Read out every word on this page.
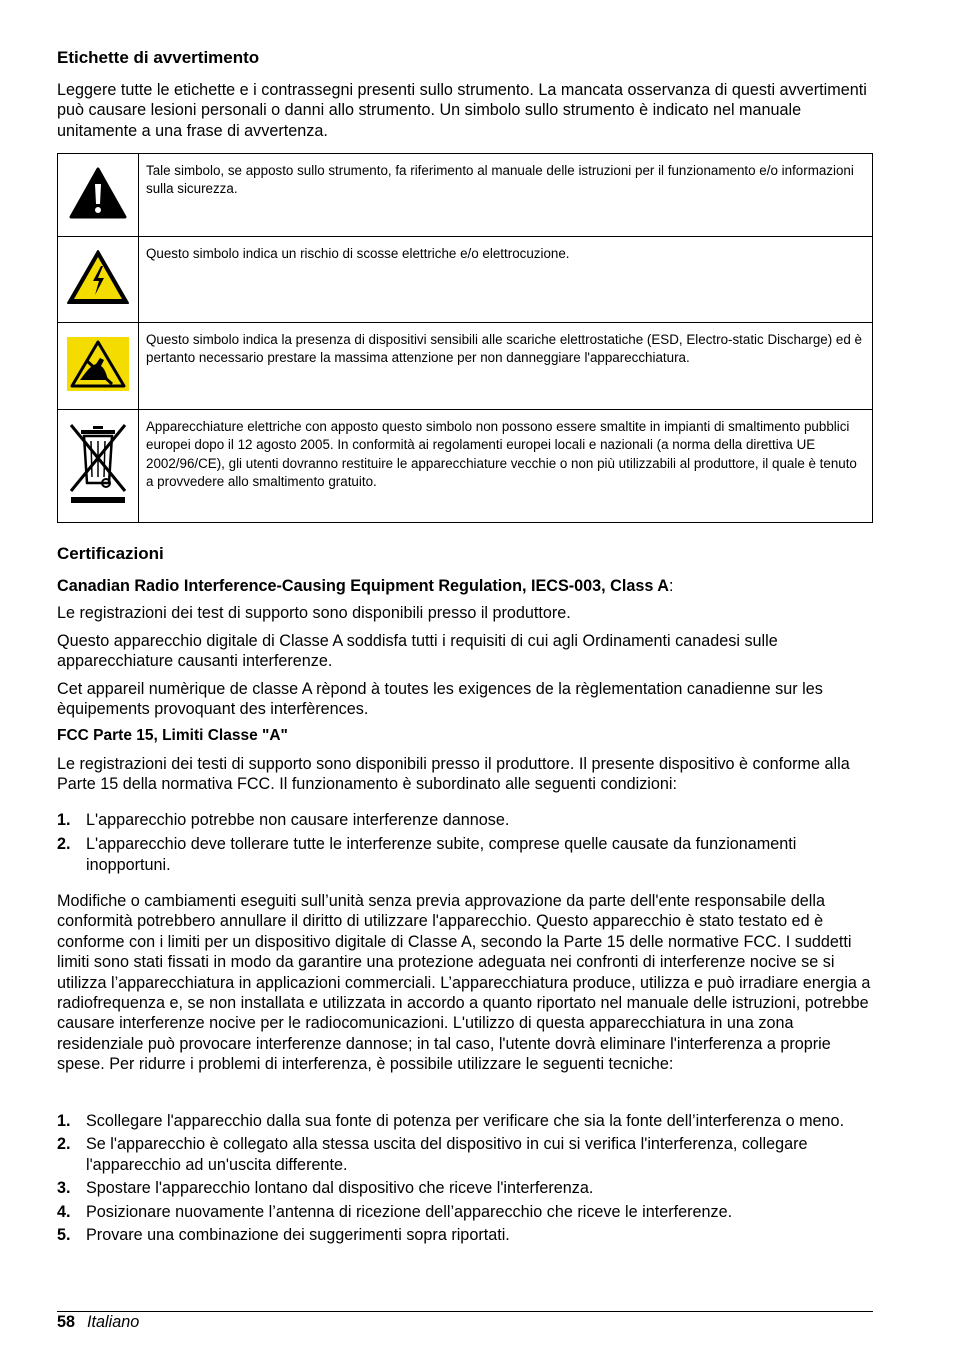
Etichette di avvertimento

Leggere tutte le etichette e i contrassegni presenti sullo strumento. La mancata osservanza di questi avvertimenti può causare lesioni personali o danni allo strumento. Un simbolo sullo strumento è indicato nel manuale unitamente a una frase di avvertenza.

	Tale simbolo, se apposto sullo strumento, fa riferimento al manuale delle istruzioni per il funzionamento e/o informazioni sulla sicurezza.
	Questo simbolo indica un rischio di scosse elettriche e/o elettrocuzione.
	Questo simbolo indica la presenza di dispositivi sensibili alle scariche elettrostatiche (ESD, Electro-static Discharge) ed è pertanto necessario prestare la massima attenzione per non danneggiare l'apparecchiatura.
	Apparecchiature elettriche con apposto questo simbolo non possono essere smaltite in impianti di smaltimento pubblici europei dopo il 12 agosto 2005. In conformità ai regolamenti europei locali e nazionali (a norma della direttiva UE 2002/96/CE), gli utenti dovranno restituire le apparecchiature vecchie o non più utilizzabili al produttore, il quale è tenuto a provvedere allo smaltimento gratuito.
Certificazioni

Canadian Radio Interference-Causing Equipment Regulation, IECS-003, Class A:

Le registrazioni dei test di supporto sono disponibili presso il produttore.

Questo apparecchio digitale di Classe A soddisfa tutti i requisiti di cui agli Ordinamenti canadesi sulle apparecchiature causanti interferenze.

Cet appareil numèrique de classe A rèpond à toutes les exigences de la règlementation canadienne sur les èquipements provoquant des interfèrences.

FCC Parte 15, Limiti Classe "A"

Le registrazioni dei testi di supporto sono disponibili presso il produttore. Il presente dispositivo è conforme alla Parte 15 della normativa FCC. Il funzionamento è subordinato alle seguenti condizioni:

1. L'apparecchio potrebbe non causare interferenze dannose.
2. L'apparecchio deve tollerare tutte le interferenze subite, comprese quelle causate da funzionamenti inopportuni.

Modifiche o cambiamenti eseguiti sull’unità senza previa approvazione da parte dell'ente responsabile della conformità potrebbero annullare il diritto di utilizzare l'apparecchio. Questo apparecchio è stato testato ed è conforme con i limiti per un dispositivo digitale di Classe A, secondo la Parte 15 delle normative FCC. I suddetti limiti sono stati fissati in modo da garantire una protezione adeguata nei confronti di interferenze nocive se si utilizza l’apparecchiatura in applicazioni commerciali. L’apparecchiatura produce, utilizza e può irradiare energia a radiofrequenza e, se non installata e utilizzata in accordo a quanto riportato nel manuale delle istruzioni, potrebbe causare interferenze nocive per le radiocomunicazioni. L'utilizzo di questa apparecchiatura in una zona residenziale può provocare interferenze dannose; in tal caso, l'utente dovrà eliminare l'interferenza a proprie spese. Per ridurre i problemi di interferenza, è possibile utilizzare le seguenti tecniche:

1. Scollegare l'apparecchio dalla sua fonte di potenza per verificare che sia la fonte dell’interferenza o meno.
2. Se l'apparecchio è collegato alla stessa uscita del dispositivo in cui si verifica l'interferenza, collegare l'apparecchio ad un'uscita differente.
3. Spostare l'apparecchio lontano dal dispositivo che riceve l'interferenza.
4. Posizionare nuovamente l’antenna di ricezione dell’apparecchio che riceve le interferenze.
5. Provare una combinazione dei suggerimenti sopra riportati.
58 Italiano
